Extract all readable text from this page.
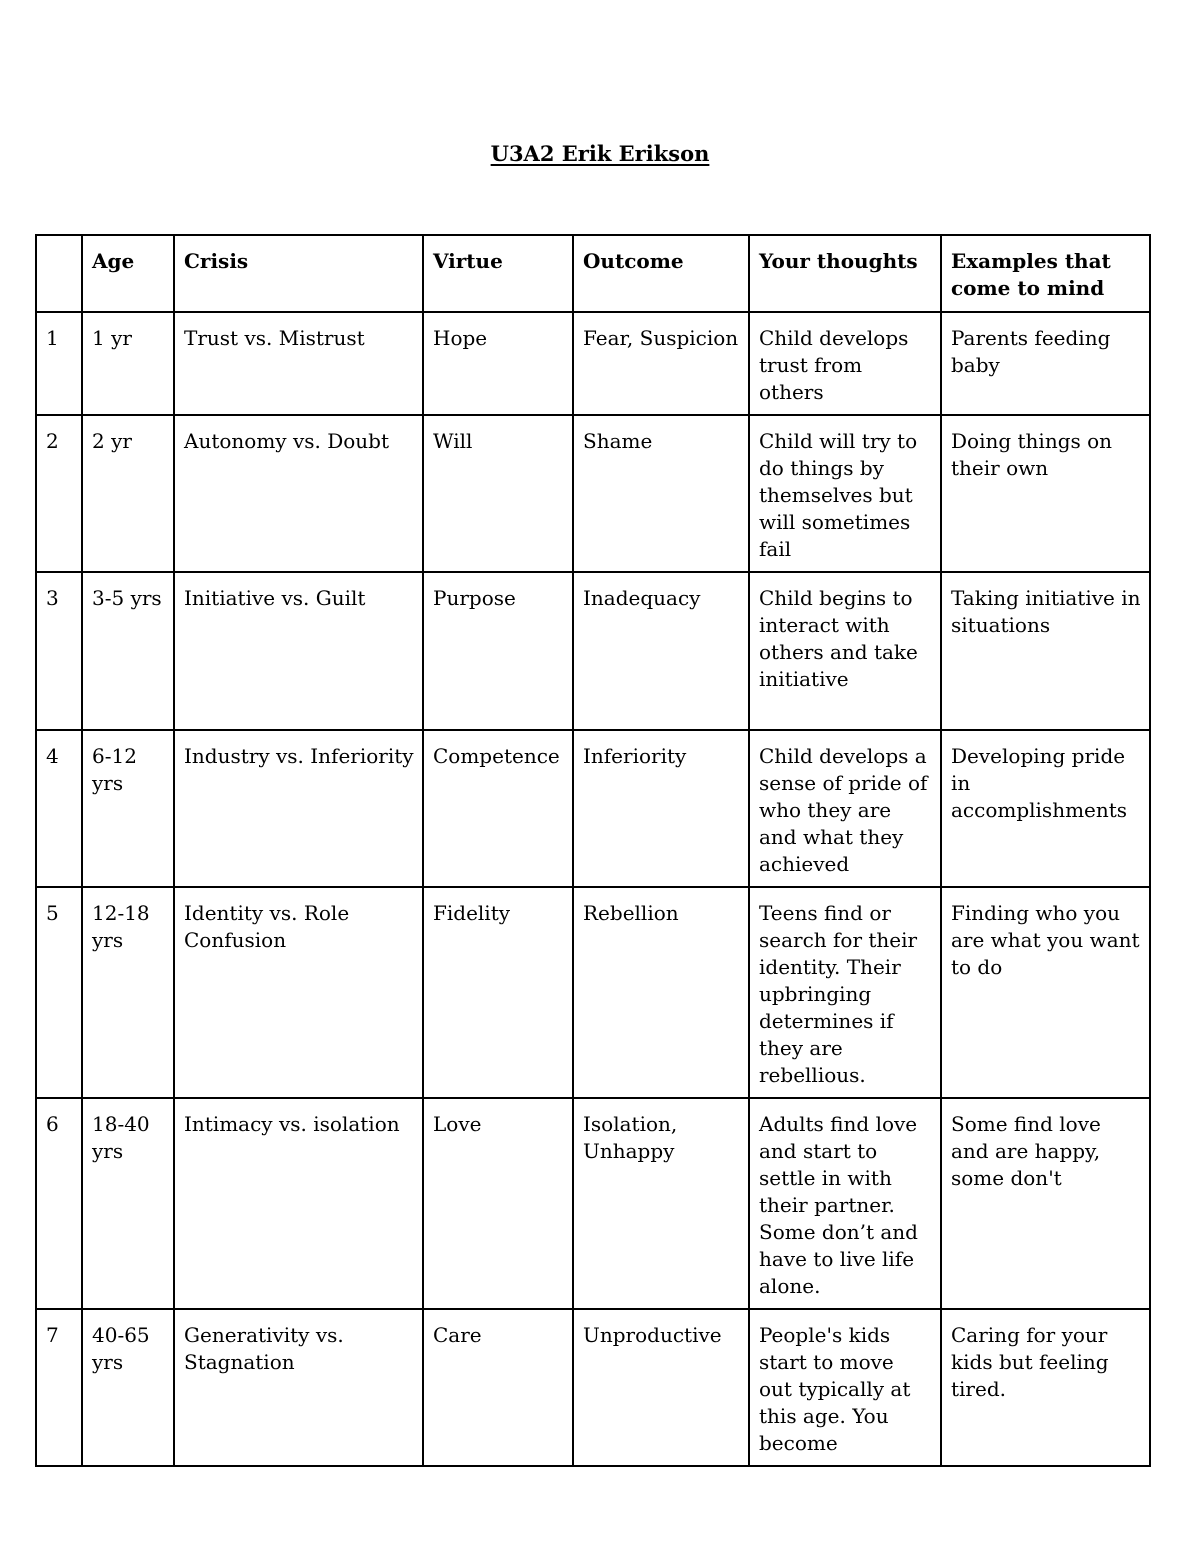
U3A2 Erik Erikson
	Age	Crisis	Virtue	Outcome	Your thoughts	Examples that come to mind
1	1 yr	Trust vs. Mistrust	Hope	Fear, Suspicion	Child develops trust from others	Parents feeding baby
2	2 yr	Autonomy vs. Doubt	Will	Shame	Child will try to do things by themselves but will sometimes fail	Doing things on their own
3	3-5 yrs	Initiative vs. Guilt	Purpose	Inadequacy	Child begins to interact with others and take initiative	Taking initiative in situations
4	6-12 yrs	Industry vs. Inferiority	Competence	Inferiority	Child develops a sense of pride of who they are and what they achieved	Developing pride in accomplishments
5	12-18 yrs	Identity vs. Role Confusion	Fidelity	Rebellion	Teens find or search for their identity. Their upbringing determines if they are rebellious.	Finding who you are what you want to do
6	18-40 yrs	Intimacy vs. isolation	Love	Isolation, Unhappy	Adults find love and start to settle in with their partner. Some don’t and have to live life alone.	Some find love and are happy, some don't
7	40-65 yrs	Generativity vs. Stagnation	Care	Unproductive	People's kids start to move out typically at this age. You become	Caring for your kids but feeling tired.
